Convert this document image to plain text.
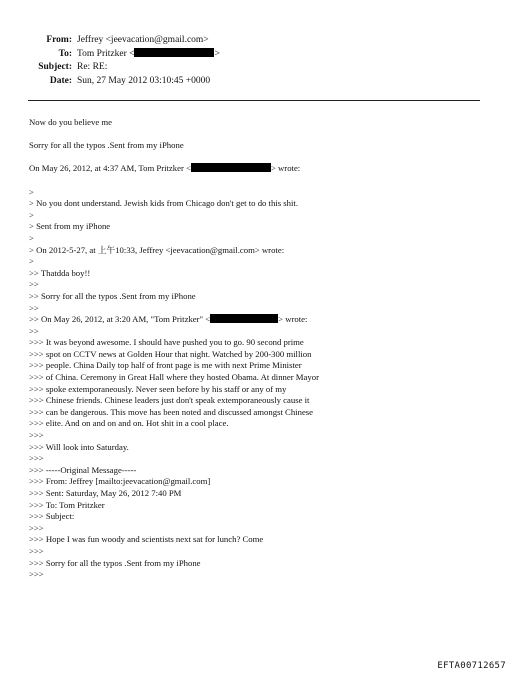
From: Jeffrey <jeevacation@gmail.com>
To: Tom Pritzker <	>
Subject: Re: RE:
Date: Sun, 27 May 2012 03:10:45 +0000
Now do you believe me
Sorry for all the typos .Sent from my iPhone
On May 26, 2012, at 4:37 AM, Tom Pritzker <	> wrote:
>
> No you dont understand. Jewish kids from Chicago don't get to do this shit.
>
> Sent from my iPhone
>
> On 2012-5-27, at 上午10:33, Jeffrey <jeevacation@gmail.com> wrote:
>
>> Thatdda boy!!
>>
>> Sorry for all the typos .Sent from my iPhone
>>
>> On May 26, 2012, at 3:20 AM, "Tom Pritzker" <	> wrote:
>>
>>> It was beyond awesome. I should have pushed you to go. 90 second prime
>>> spot on CCTV news at Golden Hour that night. Watched by 200-300 million
>>> people. China Daily top half of front page is me with next Prime Minister
>>> of China. Ceremony in Great Hall where they hosted Obama. At dinner Mayor
>>> spoke extemporaneously. Never seen before by his staff or any of my
>>> Chinese friends. Chinese leaders just don't speak extemporaneously cause it
>>> can be dangerous. This move has been noted and discussed amongst Chinese
>>> elite. And on and on and on. Hot shit in a cool place.
>>>
>>> Will look into Saturday.
>>>
>>> -----Original Message-----
>>> From: Jeffrey [mailto:jeevacation@gmail.com]
>>> Sent: Saturday, May 26, 2012 7:40 PM
>>> To: Tom Pritzker
>>> Subject:
>>>
>>> Hope I was fun woody and scientists next sat for lunch? Come
>>>
>>> Sorry for all the typos .Sent from my iPhone
>>>
EFTA00712657
